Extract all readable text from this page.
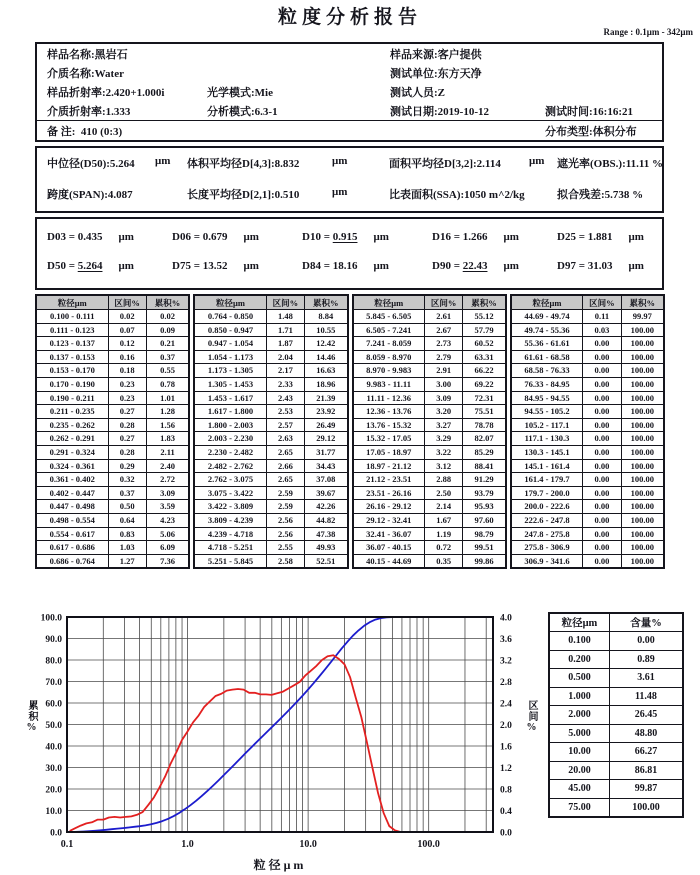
粒度分析报告
Range : 0.1μm - 342μm
样品名称:黑岩石	样品来源:客户提供
介质名称:Water	测试单位:东方天净
样品折射率:2.420+1.000i	光学模式:Mie	测试人员:Z
介质折射率:1.333	分析模式:6.3-1	测试日期:2019-10-12	测试时间:16:16:21
备 注:  410 (0:3)	分布类型:体积分布
中位径(D50):5.264 μm 体积平均径D[4,3]:8.832	μm	面积平均径D[3,2]:2.114	μm 遮光率(OBS.):11.11 %
跨度(SPAN):4.087	长度平均径D[2,1]:0.510	μm	比表面积(SSA):1050 m^2/kg	拟合残差:5.738 %
D03 = 0.435 μm	D06 = 0.679 μm	D10 = 0.915 μm	D16 = 1.266 μm	D25 = 1.881 μm
D50 = 5.264 μm	D75 = 13.52 μm	D84 = 18.16 μm	D90 = 22.43 μm	D97 = 31.03 μm
粒径μm	区间%	累积%
0.100 - 0.111	0.02	0.02
0.111 - 0.123	0.07	0.09
0.123 - 0.137	0.12	0.21
0.137 - 0.153	0.16	0.37
0.153 - 0.170	0.18	0.55
0.170 - 0.190	0.23	0.78
0.190 - 0.211	0.23	1.01
0.211 - 0.235	0.27	1.28
0.235 - 0.262	0.28	1.56
0.262 - 0.291	0.27	1.83
0.291 - 0.324	0.28	2.11
0.324 - 0.361	0.29	2.40
0.361 - 0.402	0.32	2.72
0.402 - 0.447	0.37	3.09
0.447 - 0.498	0.50	3.59
0.498 - 0.554	0.64	4.23
0.554 - 0.617	0.83	5.06
0.617 - 0.686	1.03	6.09
0.686 - 0.764	1.27	7.36
粒径μm	区间%	累积%
0.764 - 0.850	1.48	8.84
0.850 - 0.947	1.71	10.55
0.947 - 1.054	1.87	12.42
1.054 - 1.173	2.04	14.46
1.173 - 1.305	2.17	16.63
1.305 - 1.453	2.33	18.96
1.453 - 1.617	2.43	21.39
1.617 - 1.800	2.53	23.92
1.800 - 2.003	2.57	26.49
2.003 - 2.230	2.63	29.12
2.230 - 2.482	2.65	31.77
2.482 - 2.762	2.66	34.43
2.762 - 3.075	2.65	37.08
3.075 - 3.422	2.59	39.67
3.422 - 3.809	2.59	42.26
3.809 - 4.239	2.56	44.82
4.239 - 4.718	2.56	47.38
4.718 - 5.251	2.55	49.93
5.251 - 5.845	2.58	52.51
粒径μm	区间%	累积%
5.845 - 6.505	2.61	55.12
6.505 - 7.241	2.67	57.79
7.241 - 8.059	2.73	60.52
8.059 - 8.970	2.79	63.31
8.970 - 9.983	2.91	66.22
9.983 - 11.11	3.00	69.22
11.11 - 12.36	3.09	72.31
12.36 - 13.76	3.20	75.51
13.76 - 15.32	3.27	78.78
15.32 - 17.05	3.29	82.07
17.05 - 18.97	3.22	85.29
18.97 - 21.12	3.12	88.41
21.12 - 23.51	2.88	91.29
23.51 - 26.16	2.50	93.79
26.16 - 29.12	2.14	95.93
29.12 - 32.41	1.67	97.60
32.41 - 36.07	1.19	98.79
36.07 - 40.15	0.72	99.51
40.15 - 44.69	0.35	99.86
粒径μm	区间%	累积%
44.69 - 49.74	0.11	99.97
49.74 - 55.36	0.03	100.00
55.36 - 61.61	0.00	100.00
61.61 - 68.58	0.00	100.00
68.58 - 76.33	0.00	100.00
76.33 - 84.95	0.00	100.00
84.95 - 94.55	0.00	100.00
94.55 - 105.2	0.00	100.00
105.2 - 117.1	0.00	100.00
117.1 - 130.3	0.00	100.00
130.3 - 145.1	0.00	100.00
145.1 - 161.4	0.00	100.00
161.4 - 179.7	0.00	100.00
179.7 - 200.0	0.00	100.00
200.0 - 222.6	0.00	100.00
222.6 - 247.8	0.00	100.00
247.8 - 275.8	0.00	100.00
275.8 - 306.9	0.00	100.00
306.9 - 341.6	0.00	100.00
0.0	0.0
10.0	0.4
20.0	0.8
30.0	1.2
40.0	1.6
50.0	2.0
60.0	2.4
70.0	2.8
80.0	3.2
90.0	3.6
100.0	4.0
0.1	1.0	10.0	100.0
粒径μm
累积%	区间%
粒径μm	含量%
0.100	0.00
0.200	0.89
0.500	3.61
1.000	11.48
2.000	26.45
5.000	48.80
10.00	66.27
20.00	86.81
45.00	99.87
75.00	100.00
